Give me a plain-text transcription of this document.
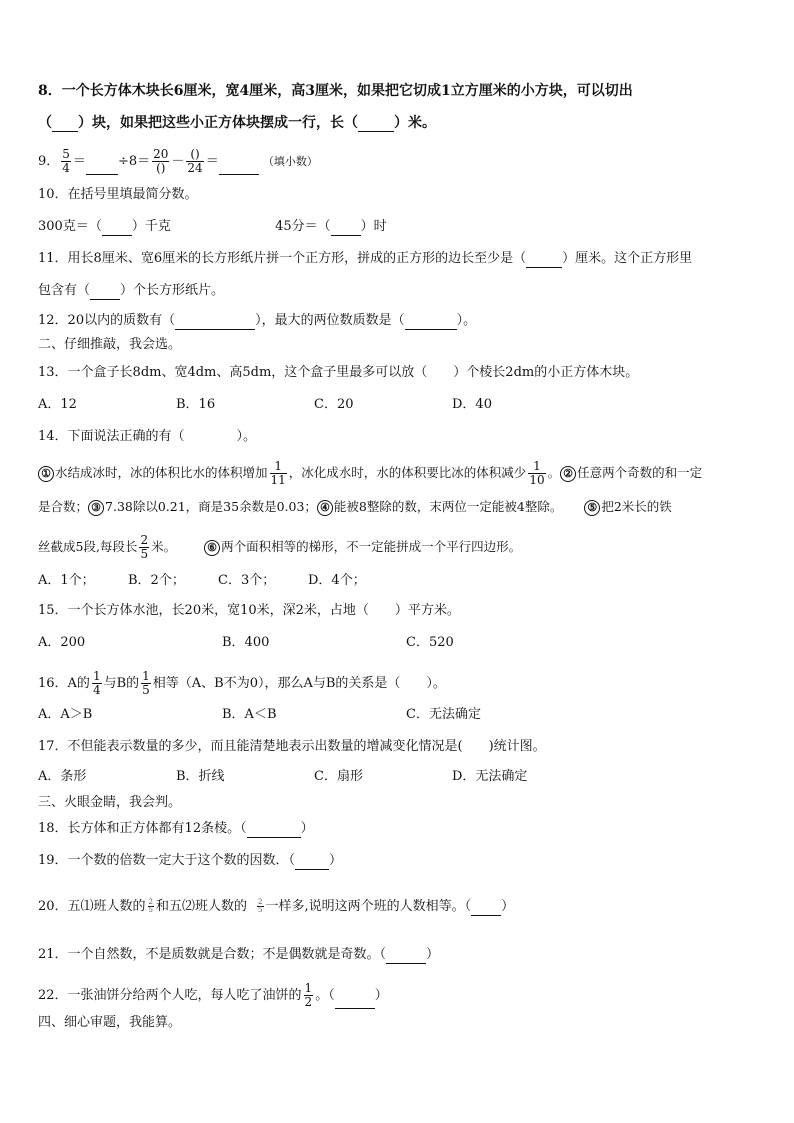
8．一个长方体木块长6厘米，宽4厘米，高3厘米，如果把它切成1立方厘米的小方块，可以切出
（ ）块，如果把这些小正方体块摆成一行，长（	）米。
9． $\frac{5}{4} = \div 8= \frac{20}{()} - \frac{()}{24}$ ＝	（填小数）
10．在括号里填最简分数。
300克＝（ ）千克	45分＝（ ）时
11．用长8厘米、宽6厘米的长方形纸片拼一个正方形，拼成的正方形的边长至少是（	）厘米。这个正方形里
包含有（ ）个长方形纸片。
12．20以内的质数有（	），最大的两位数质数是（	）。
二、仔细推敲，我会选。
13．一个盒子长8dm、宽4dm、高5dm，这个盒子里最多可以放（　　）个棱长2dm的小正方体木块。
A．12	B．16	C．20	D．40
14．下面说法正确的有（　　　　）。
① 水结成冰时，冰的体积比水的体积增加 $\frac{1}{11}$ ，冰化成水时，水的体积要比冰的体积减少 $\frac{1}{10}$ 。 ② 任意两个奇数的和一定
是合数； ③ 7.38除以0.21，商是35余数是0.03； ④ 能被8整除的数，末两位一定能被4整除。 ⑤ 把2米长的铁
丝截成5段,每段长 $\frac{2}{5}$ 米。	⑥ 两个面积相等的梯形，不一定能拼成一个平行四边形。
A．1个；	B．2个；	C．3个；	D．4个；
15．一个长方体水池，长20米，宽10米，深2米，占地（　　）平方米。
A．200	B．400	C．520
16．A的 $\frac{1}{4}$ 与B的 $\frac{1}{5}$ 相等（A、B不为0），那么A与B的关系是（　　）。
A．A＞B	B．A＜B	C．无法确定
17．不但能表示数量的多少，而且能清楚地表示出数量的增减变化情况是(　　)统计图。
A．条形	B．折线	C．扇形	D．无法确定
三、火眼金睛，我会判。
18．长方体和正方体都有12条棱。（	）
19．一个数的倍数一定大于这个数的因数．（	）
20．五⑴班人数的 $\frac{2}{5}$ 和五⑵班人数的 $\frac{2}{5}$ 一样多,说明这两个班的人数相等。（ ）
21．一个自然数，不是质数就是合数；不是偶数就是奇数。（	）
22．一张油饼分给两个人吃，每人吃了油饼的 $\frac{1}{2}$ 。（	）
四、细心审题，我能算。
